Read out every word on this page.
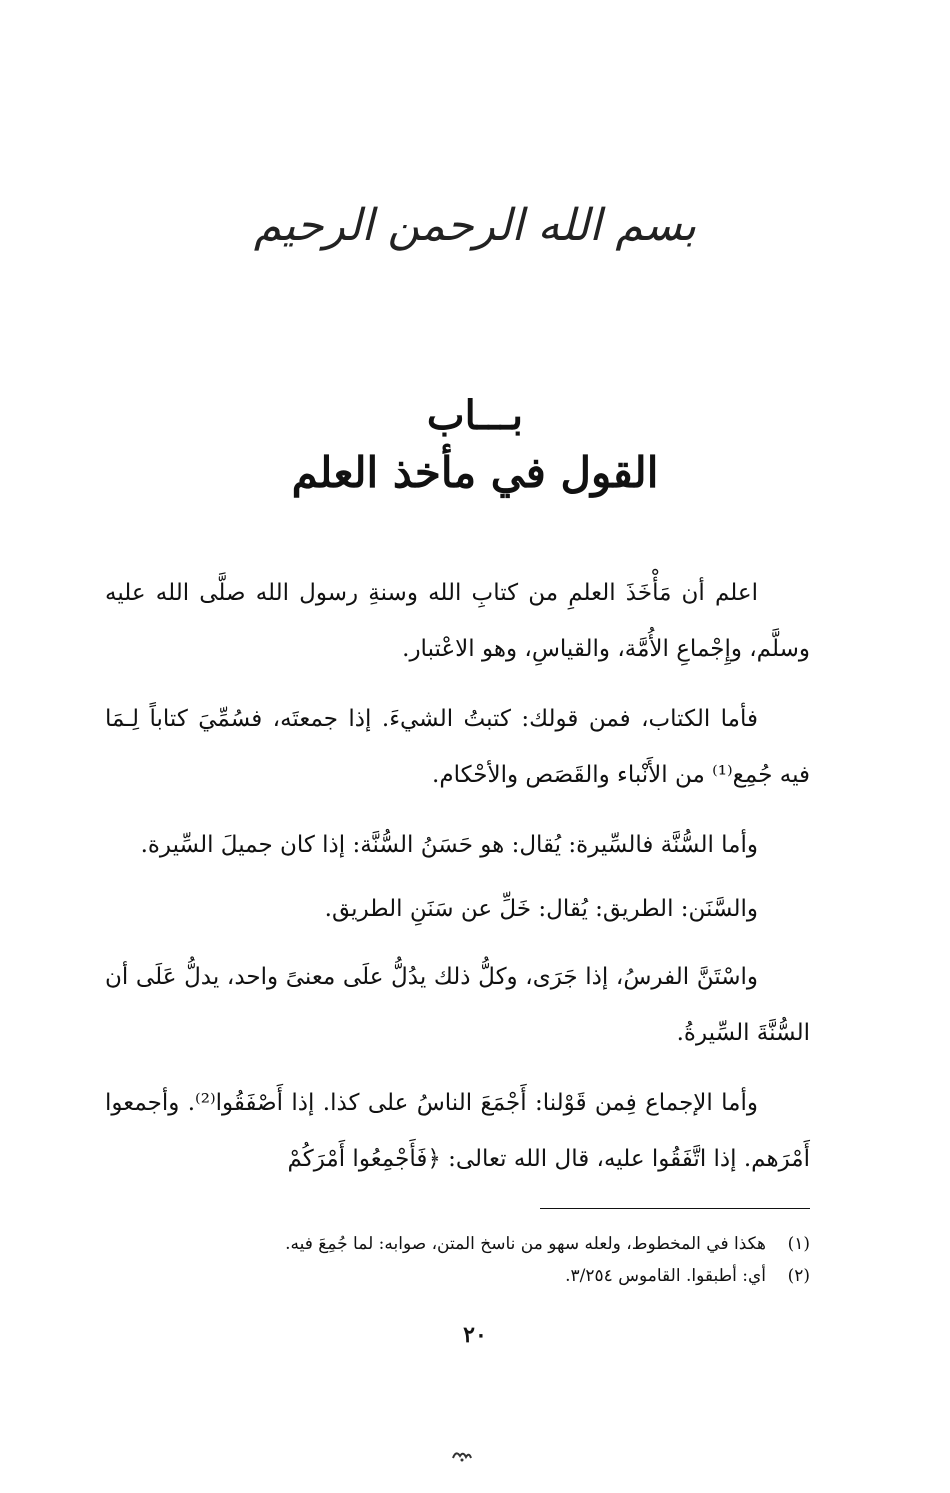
بسم الله الرحمن الرحيم
بـــاب
القول في مأخذ العلم

اعلم أن مَأْخَذَ العلمِ من كتابِ الله وسنةِ رسول الله صلَّى الله عليه وسلَّم، وإِجْماعِ الأُمَّة، والقياسِ، وهو الاعْتبار.

فأما الكتاب، فمن قولك: كتبتُ الشيءَ. إذا جمعتَه، فسُمِّيَ كتاباً لِـمَا فيه جُمِع⁽¹⁾ من الأَنْباء والقَصَص والأحْكام.

وأما السُّنَّة فالسِّيرة: يُقال: هو حَسَنُ السُّنَّة: إذا كان جميلَ السِّيرة.

والسَّنَن: الطريق: يُقال: خَلِّ عن سَنَنِ الطريق.

واسْتَنَّ الفرسُ، إذا جَرَى، وكلُّ ذلك يدُلُّ علَى معنىً واحد، يدلُّ عَلَى أن السُّنَّةَ السِّيرةُ.

وأما الإجماع فِمن قَوْلنا: أَجْمَعَ الناسُ على كذا. إذا أَصْفَقُوا⁽²⁾. وأجمعوا أَمْرَهم. إذا اتَّفَقُوا عليه، قال الله تعالى: ﴿فَأَجْمِعُوا أَمْرَكُمْ

(١)
هكذا في المخطوط، ولعله سهو من ناسخ المتن، صوابه: لما جُمِعَ فيه.
(٢)
أي: أطبقوا. القاموس ٣/٢٥٤.
٢٠
